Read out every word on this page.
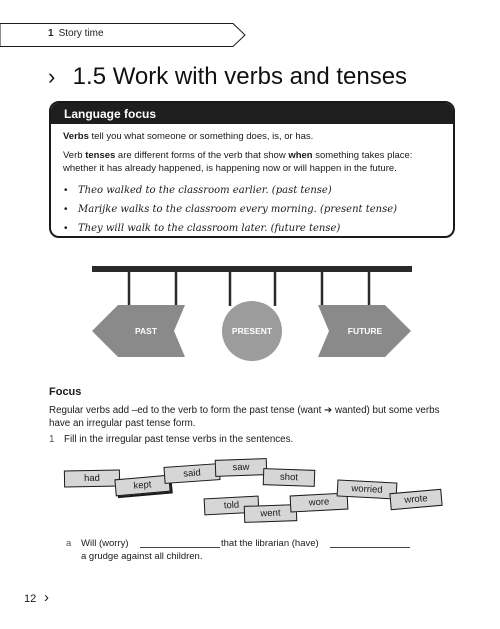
1 Story time
› 1.5 Work with verbs and tenses
Language focus

Verbs tell you what someone or something does, is, or has.

Verb tenses are different forms of the verb that show when something takes place: whether it has already happened, is happening now or will happen in the future.

• Theo walked to the classroom earlier. (past tense)
• Marijke walks to the classroom every morning. (present tense)
• They will walk to the classroom later. (future tense)
PAST	PRESENT	FUTURE
Focus
Regular verbs add –ed to the verb to form the past tense (want ➔ wanted) but some verbs have an irregular past tense form.
1 Fill in the irregular past tense verbs in the sentences.
had
kept
said	saw
shot
told
went
wore
worried
wrote
a Will (worry)	that the librarian (have)
a grudge against all children.
12 ›
